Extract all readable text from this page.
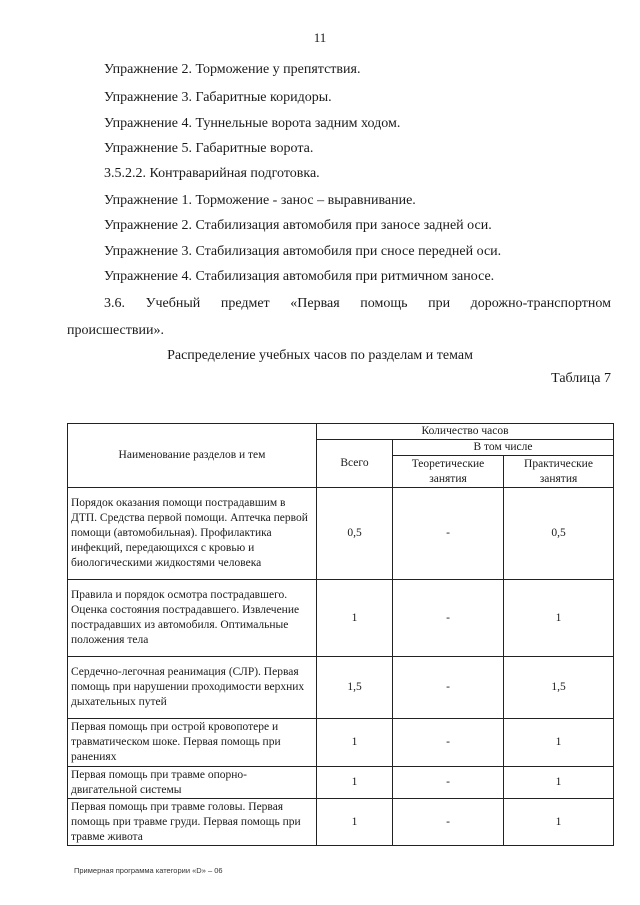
11
Упражнение 2. Торможение у препятствия.
Упражнение 3. Габаритные коридоры.
Упражнение 4. Туннельные ворота задним ходом.
Упражнение 5. Габаритные ворота.
3.5.2.2. Контраварийная подготовка.
Упражнение 1. Торможение - занос – выравнивание.
Упражнение 2. Стабилизация автомобиля при заносе задней оси.
Упражнение 3. Стабилизация автомобиля при сносе передней оси.
Упражнение 4. Стабилизация автомобиля при ритмичном заносе.
3.6. Учебный предмет «Первая помощь при дорожно-транспортном
происшествии».
Распределение учебных часов по разделам и темам
Таблица 7
Наименование разделов и тем	Количество часов		
	Всего	В том числе	
		Теоретические занятия	Практические занятия
Порядок оказания помощи пострадавшим в ДТП. Средства первой помощи. Аптечка первой помощи (автомобильная). Профилактика инфекций, передающихся с кровью и биологическими жидкостями человека	0,5	-	0,5
Правила и порядок осмотра пострадавшего. Оценка состояния пострадавшего. Извлечение пострадавших из автомобиля. Оптимальные положения тела	1	-	1
Сердечно-легочная реанимация (СЛР). Первая помощь при нарушении проходимости верхних дыхательных путей	1,5	-	1,5
Первая помощь при острой кровопотере и травматическом шоке. Первая помощь при ранениях	1	-	1
Первая помощь при травме опорно-двигательной системы	1	-	1
Первая помощь при травме головы. Первая помощь при травме груди. Первая помощь при травме живота	1	-	1
Примерная программа категории «D» – 06
